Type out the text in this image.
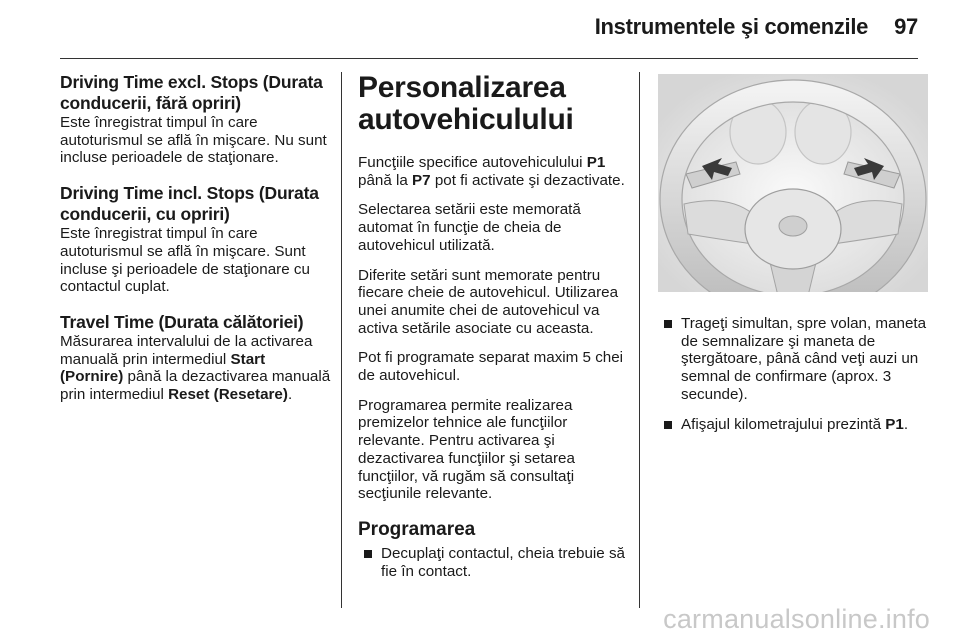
Instrumentele şi comenzile 97

Driving Time excl. Stops (Durata conducerii, fără opriri)

Este înregistrat timpul în care autoturismul se află în mişcare. Nu sunt incluse perioadele de staţionare.

Driving Time incl. Stops (Durata conducerii, cu opriri)

Este înregistrat timpul în care autoturismul se află în mişcare. Sunt incluse şi perioadele de staţionare cu contactul cuplat.

Travel Time (Durata călătoriei)

Măsurarea intervalului de la activarea manuală prin intermediul Start (Pornire) până la dezactivarea manuală prin intermediul Reset (Resetare).

Personalizarea autovehiculului

Funcţiile specifice autovehiculului P1 până la P7 pot fi activate şi dezactivate.

Selectarea setării este memorată automat în funcţie de cheia de autovehicul utilizată.

Diferite setări sunt memorate pentru fiecare cheie de autovehicul. Utilizarea unei anumite chei de autovehicul va activa setările asociate cu aceasta.

Pot fi programate separat maxim 5 chei de autovehicul.

Programarea permite realizarea premizelor tehnice ale funcţiilor relevante. Pentru activarea şi dezactivarea funcţiilor şi setarea funcţiilor, vă rugăm să consultaţi secţiunile relevante.

Programarea

Decuplaţi contactul, cheia trebuie să fie în contact.
Trageţi simultan, spre volan, maneta de semnalizare şi maneta de ştergătoare, până când veţi auzi un semnal de confirmare (aprox. 3 secunde).
Afişajul kilometrajului prezintă P1.
carmanualsonline.info
